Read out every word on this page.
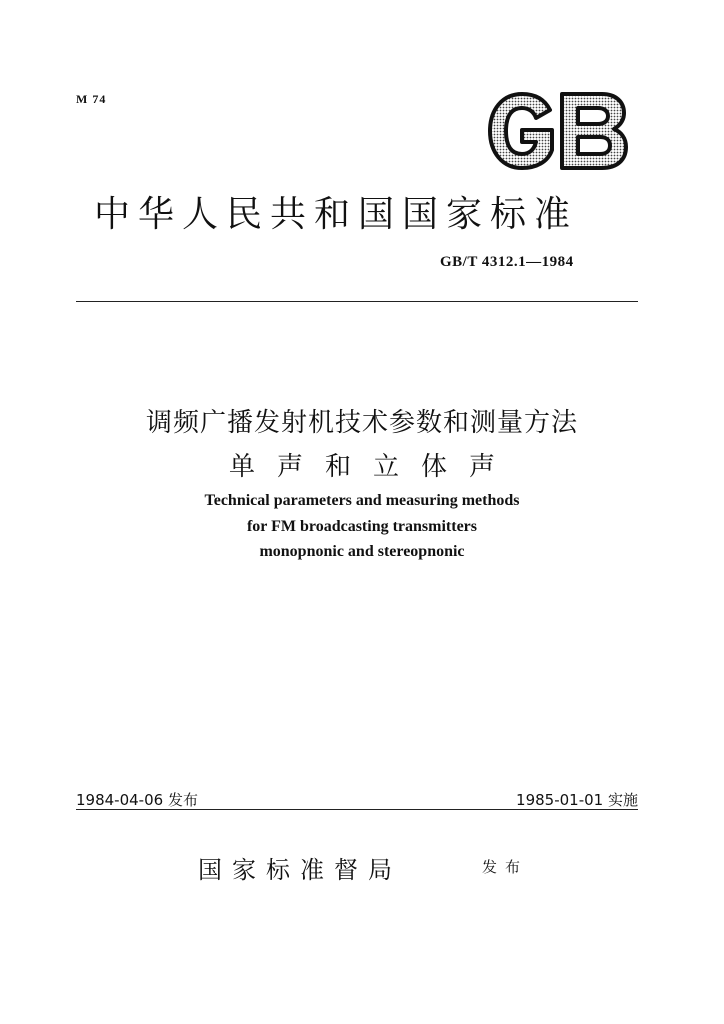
M 74
中华人民共和国国家标准
GB/T 4312.1—1984
调频广播发射机技术参数和测量方法
单声和立体声
Technical parameters and measuring methods
for FM broadcasting transmitters
monopnonic and stereopnonic
1984-04-06 发布	1985-01-01 实施
国家标准督局	发布
